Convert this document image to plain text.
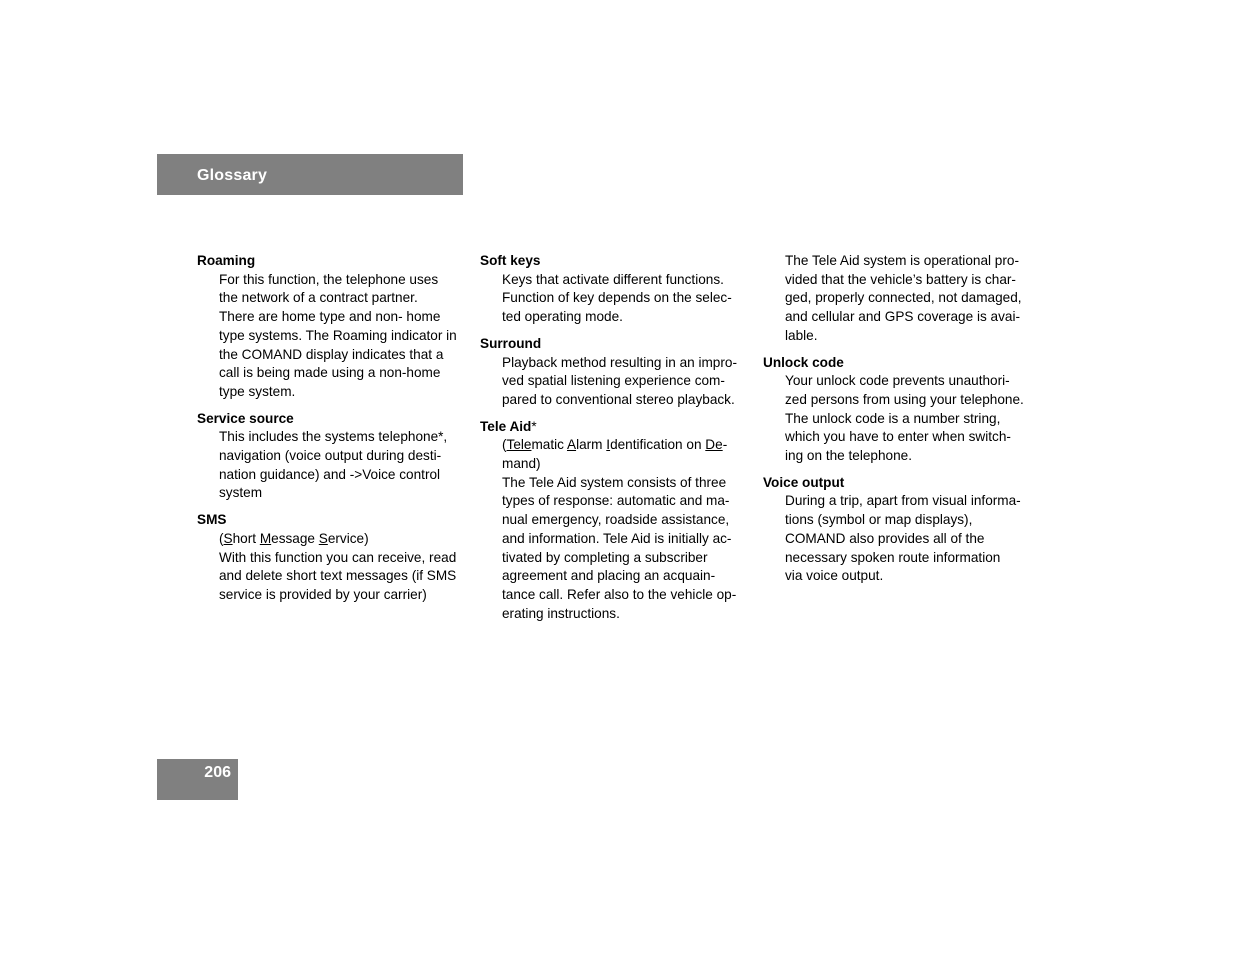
Glossary
Roaming
For this function, the telephone uses
the network of a contract partner.
There are home type and non- home
type systems. The Roaming indicator in
the COMAND display indicates that a
call is being made using a non-home
type system.
Service source
This includes the systems telephone*,
navigation (voice output during desti-
nation guidance) and ->Voice control
system
SMS
(Short Message Service)
With this function you can receive, read
and delete short text messages (if SMS
service is provided by your carrier)
Soft keys
Keys that activate different functions.
Function of key depends on the selec-
ted operating mode.
Surround
Playback method resulting in an impro-
ved spatial listening experience com-
pared to conventional stereo playback.
Tele Aid*
(Telematic Alarm Identification on De-
mand)
The Tele Aid system consists of three
types of response: automatic and ma-
nual emergency, roadside assistance,
and information. Tele Aid is initially ac-
tivated by completing a subscriber
agreement and placing an acquain-
tance call. Refer also to the vehicle op-
erating instructions.
The Tele Aid system is operational pro-
vided that the vehicle’s battery is char-
ged, properly connected, not damaged,
and cellular and GPS coverage is avai-
lable.
Unlock code
Your unlock code prevents unauthori-
zed persons from using your telephone.
The unlock code is a number string,
which you have to enter when switch-
ing on the telephone.
Voice output
During a trip, apart from visual informa-
tions (symbol or map displays),
COMAND also provides all of the
necessary spoken route information
via voice output.
206
